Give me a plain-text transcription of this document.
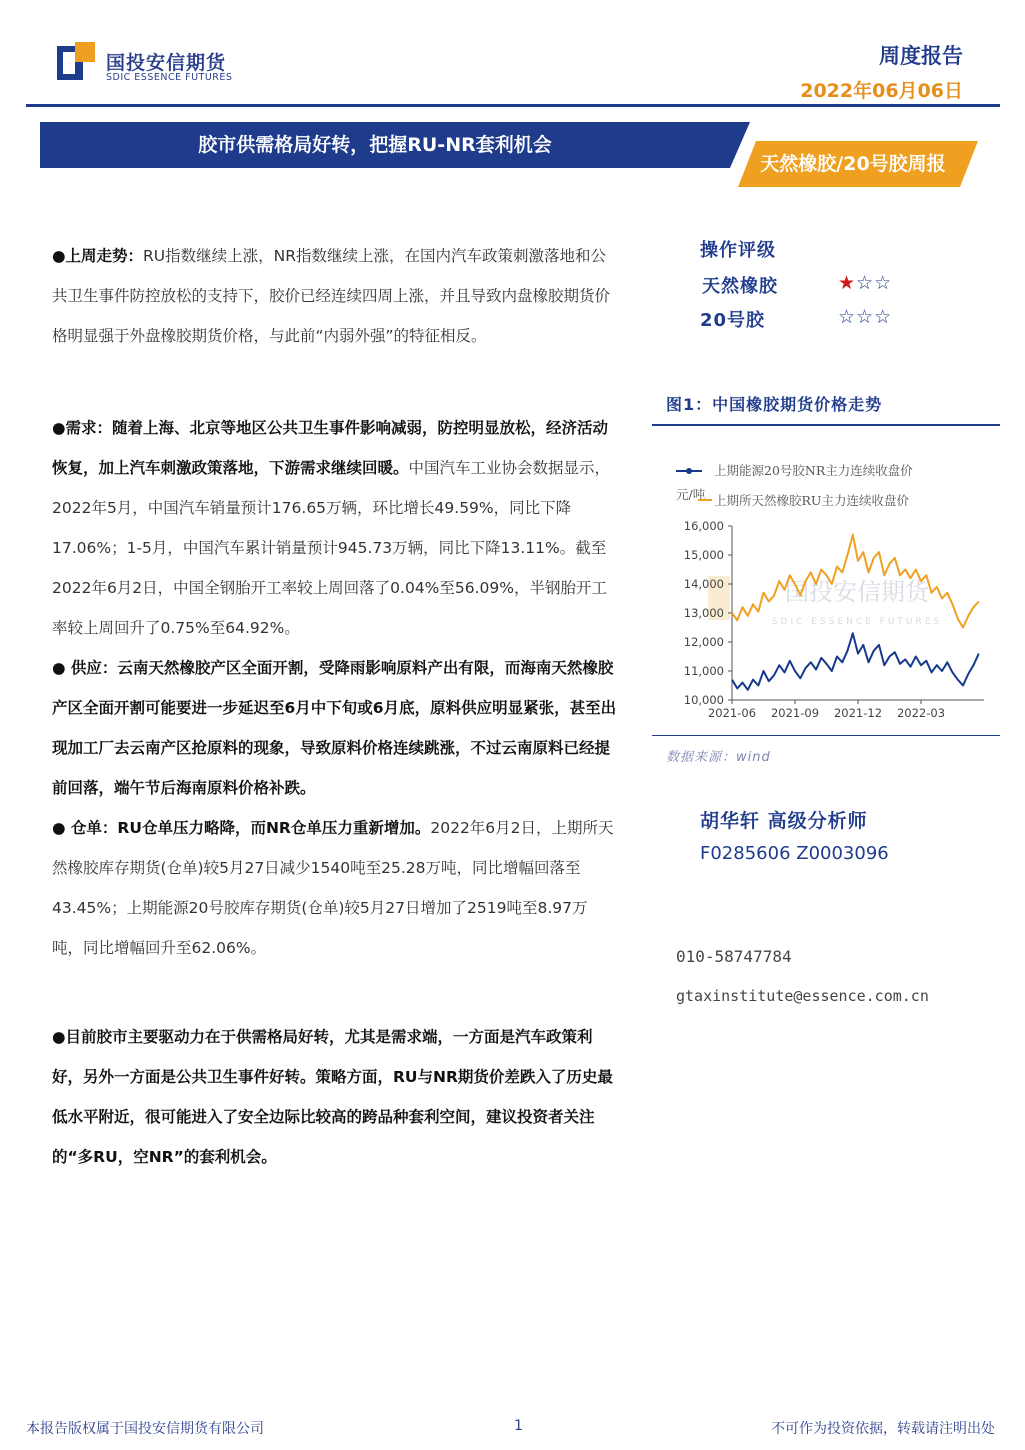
国投安信期货
SDIC ESSENCE FUTURES
周度报告
2022年06月06日
胶市供需格局好转，把握RU-NR套利机会
天然橡胶/20号胶周报
●上周走势：RU指数继续上涨，NR指数继续上涨，在国内汽车政策刺激落地和公共卫生事件防控放松的支持下，胶价已经连续四周上涨，并且导致内盘橡胶期货价格明显强于外盘橡胶期货价格，与此前“内弱外强”的特征相反。
●需求：随着上海、北京等地区公共卫生事件影响减弱，防控明显放松，经济活动恢复，加上汽车刺激政策落地，下游需求继续回暖。中国汽车工业协会数据显示，2022年5月，中国汽车销量预计176.65万辆，环比增长49.59%，同比下降17.06%；1-5月，中国汽车累计销量预计945.73万辆，同比下降13.11%。截至2022年6月2日，中国全钢胎开工率较上周回落了0.04%至56.09%，半钢胎开工率较上周回升了0.75%至64.92%。
● 供应：云南天然橡胶产区全面开割，受降雨影响原料产出有限，而海南天然橡胶产区全面开割可能要进一步延迟至6月中下旬或6月底，原料供应明显紧张，甚至出现加工厂去云南产区抢原料的现象，导致原料价格连续跳涨，不过云南原料已经提前回落，端午节后海南原料价格补跌。
● 仓单：RU仓单压力略降，而NR仓单压力重新增加。2022年6月2日，上期所天然橡胶库存期货(仓单)较5月27日减少1540吨至25.28万吨，同比增幅回落至43.45%；上期能源20号胶库存期货(仓单)较5月27日增加了2519吨至8.97万吨，同比增幅回升至62.06%。
●目前胶市主要驱动力在于供需格局好转，尤其是需求端，一方面是汽车政策利好，另外一方面是公共卫生事件好转。策略方面，RU与NR期货价差跌入了历史最低水平附近，很可能进入了安全边际比较高的跨品种套利空间，建议投资者关注的“多RU，空NR”的套利机会。
操作评级
天然橡胶	★☆☆
20号胶	☆☆☆
图1：中国橡胶期货价格走势
国投安信期货
SDIC ESSENCE FUTURES
上期能源20号胶NR主力连续收盘价
元/吨 上期所天然橡胶RU主力连续收盘价
16,000
15,000
14,000
13,000
12,000
11,000
10,000
2021-06 2021-09 2021-12 2022-03
数据来源：wind
胡华轩 高级分析师
F0285606 Z0003096
010-58747784
gtaxinstitute@essence.com.cn
本报告版权属于国投安信期货有限公司	1	不可作为投资依据，转载请注明出处
